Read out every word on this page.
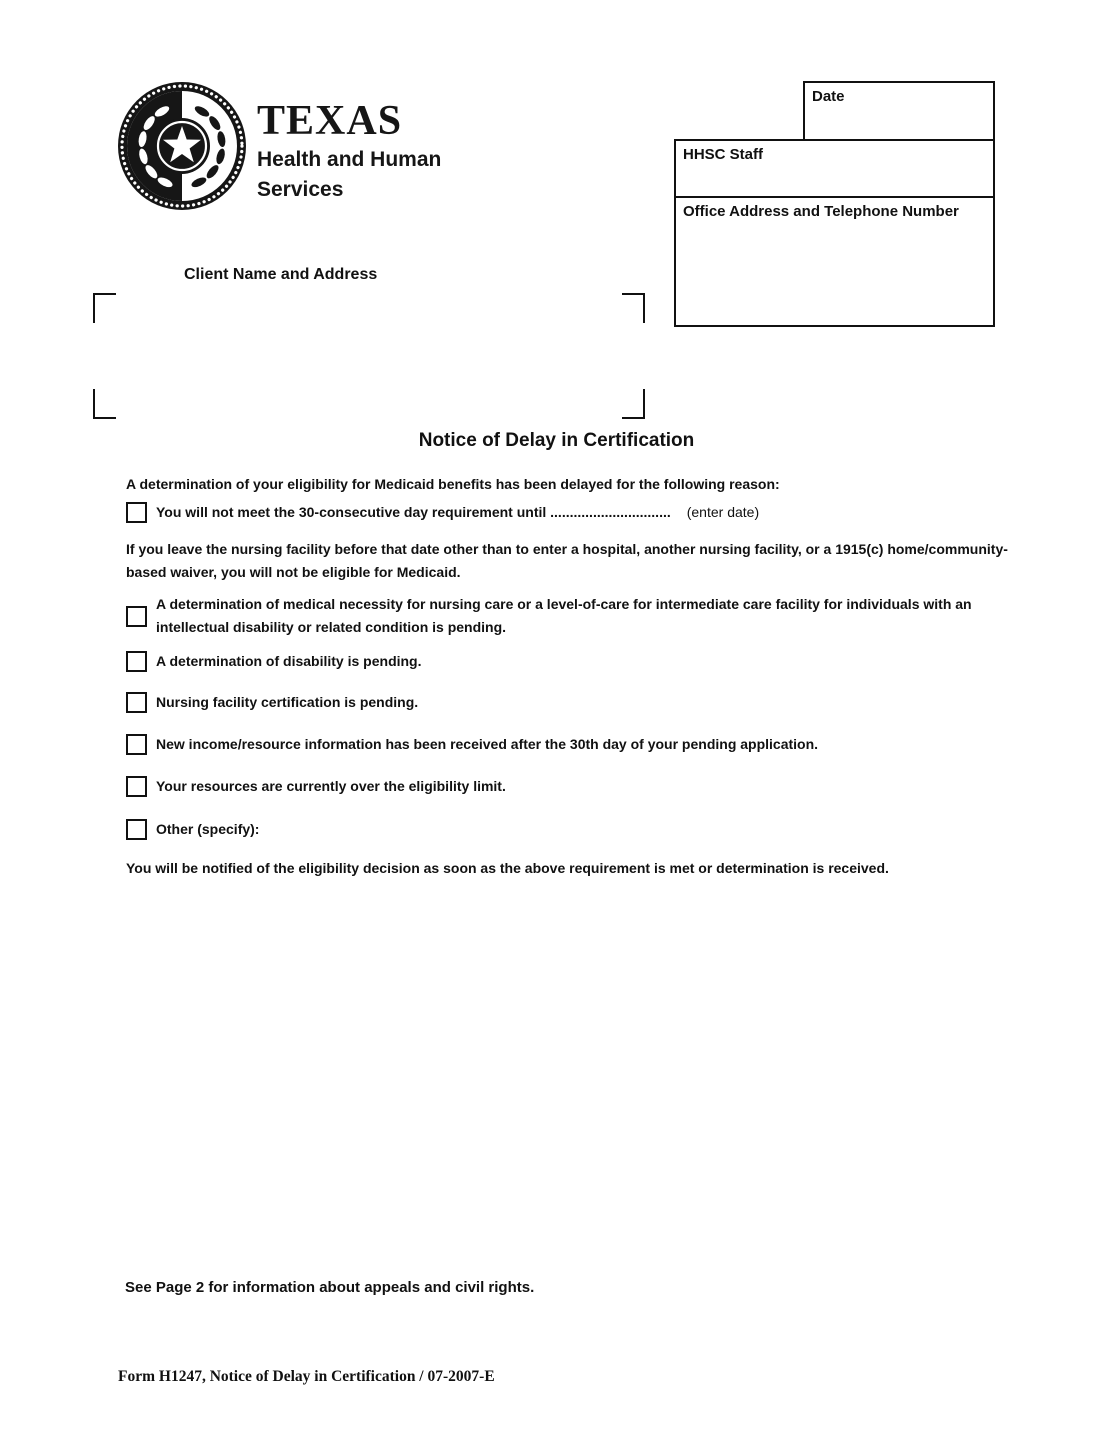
TEXAS
Health and Human
Services
Date
HHSC Staff
Office Address and Telephone Number
Client Name and Address
Notice of Delay in Certification
A determination of your eligibility for Medicaid benefits has been delayed for the following reason:
You will not meet the 30-consecutive day requirement until ............................... (enter date)
If you leave the nursing facility before that date other than to enter a hospital, another nursing facility, or a 1915(c) home/community-based waiver, you will not be eligible for Medicaid.
A determination of medical necessity for nursing care or a level-of-care for intermediate care facility for individuals with an intellectual disability or related condition is pending.
A determination of disability is pending.
Nursing facility certification is pending.
New income/resource information has been received after the 30th day of your pending application.
Your resources are currently over the eligibility limit.
Other (specify):
You will be notified of the eligibility decision as soon as the above requirement is met or determination is received.
See Page 2 for information about appeals and civil rights.
Form H1247, Notice of Delay in Certification / 07-2007-E
